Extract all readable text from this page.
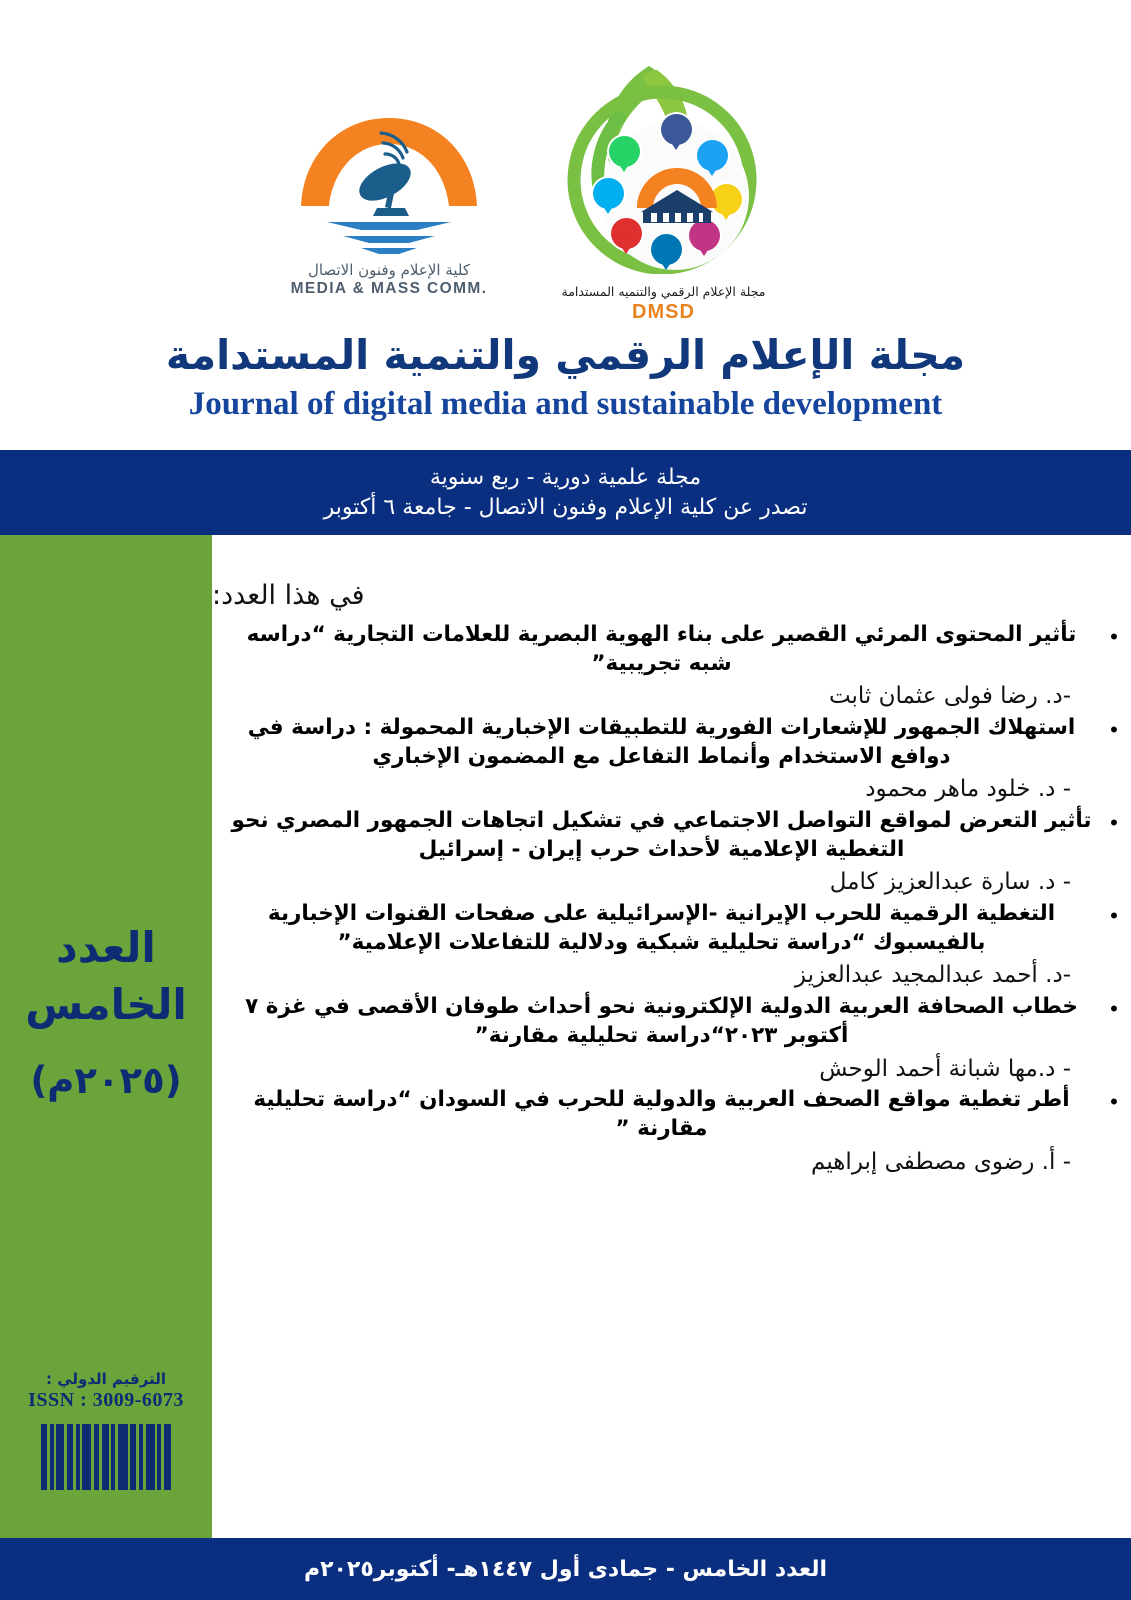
f
t
s
▢
in
▶
S
w
مجلة الإعلام الرقمي والتنميه المستدامة
DMSD
كلية الإعلام وفنون الاتصال
MEDIA & MASS COMM.
مجلة الإعلام الرقمي والتنمية المستدامة
Journal of digital media and sustainable development
مجلة علمية دورية - ربع سنوية
تصدر عن كلية الإعلام وفنون الاتصال - جامعة ٦ أكتوبر
العدد
الخامس
(٢٠٢٥م)
الترقيم الدولي :
ISSN : 3009-6073
في هذا العدد:
•
تأثير المحتوى المرئي القصير على بناء الهوية البصرية للعلامات التجارية “دراسه شبه تجريبية”
-د. رضا فولى عثمان ثابت
•
استهلاك الجمهور للإشعارات الفورية للتطبيقات الإخبارية المحمولة : دراسة في دوافع الاستخدام وأنماط التفاعل مع المضمون الإخباري
- د. خلود ماهر محمود
•
تأثير التعرض لمواقع التواصل الاجتماعي في تشكيل اتجاهات الجمهور المصري نحو التغطية الإعلامية لأحداث حرب إيران - إسرائيل
- د. سارة عبدالعزيز كامل
•
التغطية الرقمية للحرب الإيرانية -الإسرائيلية على صفحات القنوات الإخبارية بالفيسبوك “دراسة تحليلية شبكية ودلالية للتفاعلات الإعلامية”
-د. أحمد عبدالمجيد عبدالعزيز
•
خطاب الصحافة العربية الدولية الإلكترونية نحو أحداث طوفان الأقصى في غزة ٧ أكتوبر ٢٠٢٣“دراسة تحليلية مقارنة”
- د.مها شبانة أحمد الوحش
•
أطر تغطية مواقع الصحف العربية والدولية للحرب في السودان “دراسة تحليلية مقارنة ”
- أ. رضوى مصطفى إبراهيم
العدد الخامس - جمادى أول ١٤٤٧هـ- أكتوبر٢٠٢٥م
